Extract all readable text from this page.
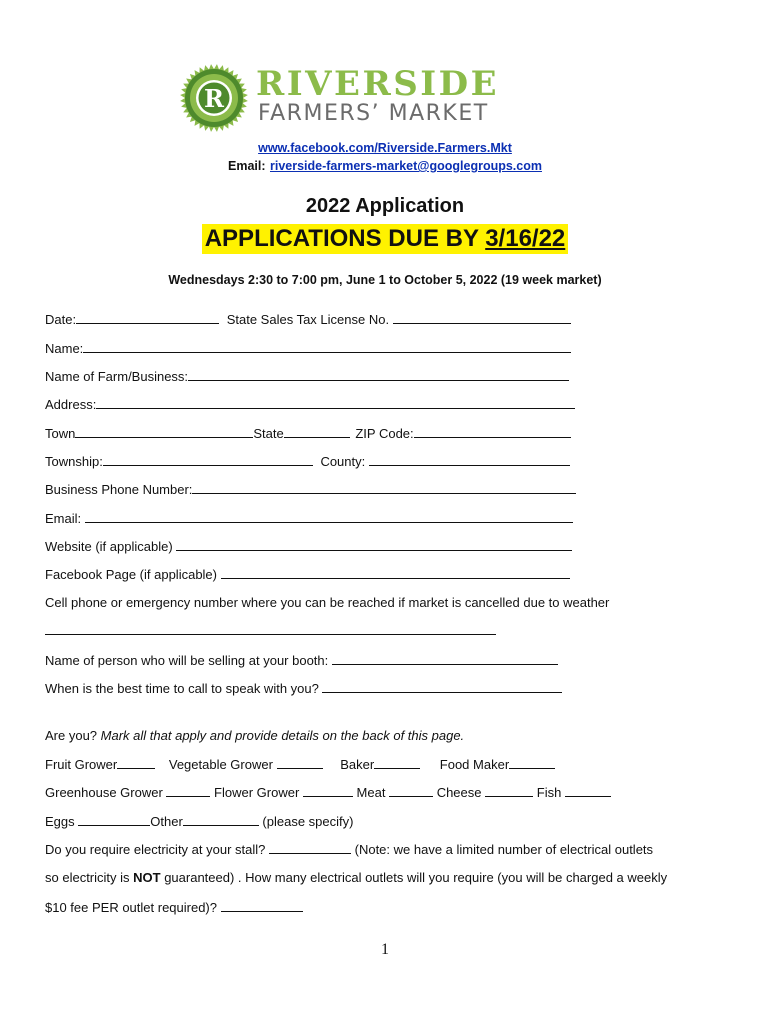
R RIVERSIDE
FARMERS’ MARKET
www.facebook.com/Riverside.Farmers.Mkt
Email: riverside-farmers-market@googlegroups.com
2022 Application
APPLICATIONS DUE BY 3/16/22
Wednesdays 2:30 to 7:00 pm, June 1 to October 5, 2022 (19 week market)
Date:	State Sales Tax License No.
Name:
Name of Farm/Business:
Address:
Town	State	ZIP Code:
Township:	County:
Business Phone Number:
Email:
Website (if applicable)
Facebook Page (if applicable)
Cell phone or emergency number where you can be reached if market is cancelled due to weather
Name of person who will be selling at your booth:
When is the best time to call to speak with you?
Are you? Mark all that apply and provide details on the back of this page.
Fruit Grower	Vegetable Grower	Baker	Food Maker
Greenhouse Grower	Flower Grower	Meat	Cheese	Fish
Eggs	Other	(please specify)
Do you require electricity at your stall?	(Note: we have a limited number of electrical outlets
so electricity is NOT guaranteed) . How many electrical outlets will you require (you will be charged a weekly
$10 fee PER outlet required)?
1
